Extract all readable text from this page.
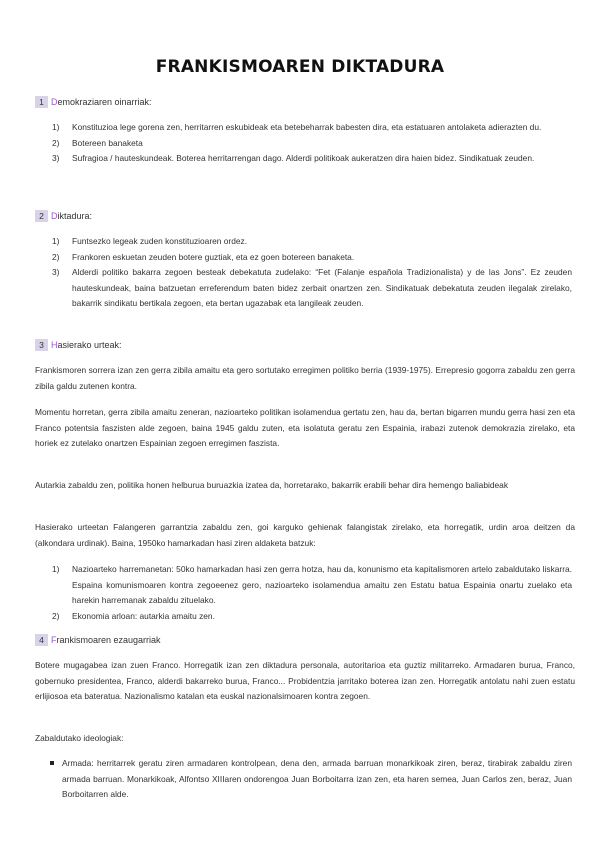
FRANKISMOAREN DIKTADURA
1 D emokraziaren oinarriak:
1)	Konstituzioa lege gorena zen, herritarren eskubideak eta betebeharrak babesten dira, eta estatuaren antolaketa adierazten du.
2)	Botereen banaketa
3)	Sufragioa / hauteskundeak. Boterea herritarrengan dago. Alderdi politikoak aukeratzen dira haien bidez. Sindikatuak zeuden.
2 D iktadura:
1)	Funtsezko legeak zuden konstituzioaren ordez.
2)	Frankoren eskuetan zeuden botere guztiak, eta ez goen botereen banaketa.
3)	Alderdi politiko bakarra zegoen besteak debekatuta zudelako: “Fet (Falanje española Tradizionalista) y de las Jons”. Ez zeuden hauteskundeak, baina batzuetan erreferendum baten bidez zerbait onartzen zen. Sindikatuak debekatuta zeuden ilegalak zirelako, bakarrik sindikatu bertikala zegoen, eta bertan ugazabak eta langileak zeuden.
3 H asierako urteak:
Frankismoren sorrera izan zen gerra zibila amaitu eta gero sortutako erregimen politiko berria (1939-1975). Errepresio gogorra zabaldu zen gerra zibila galdu zutenen kontra.
Momentu horretan, gerra zibila amaitu zeneran, nazioarteko politikan isolamendua gertatu zen, hau da, bertan bigarren mundu gerra hasi zen eta Franco potentsia faszisten alde zegoen, baina 1945 galdu zuten, eta isolatuta geratu zen Espainia, irabazi zutenok demokrazia zirelako, eta horiek ez zutelako onartzen Espainian zegoen erregimen faszista.
Autarkia zabaldu zen, politika honen helburua buruazkia izatea da, horretarako, bakarrik erabili behar dira hemengo baliabideak
Hasierako urteetan Falangeren garrantzia zabaldu zen, goi karguko gehienak falangistak zirelako, eta horregatik, urdin aroa deitzen da (alkondara urdinak). Baina, 1950ko hamarkadan hasi ziren aldaketa batzuk:
1)	Nazioarteko harremanetan: 50ko hamarkadan hasi zen gerra hotza, hau da, konunismo eta kapitalismoren artelo zabaldutako liskarra. Espaina komunismoaren kontra zegoeenez gero, nazioarteko isolamendua amaitu zen Estatu batua Espainia onartu zuelako eta harekin harremanak zabaldu zituelako.
2)	Ekonomia arloan: autarkia amaitu zen.
4 F rankismoaren ezaugarriak
Botere mugagabea izan zuen Franco. Horregatik izan zen diktadura personala, autoritarioa eta guztiz militarreko. Armadaren burua, Franco, gobernuko presidentea, Franco, alderdi bakarreko burua, Franco... Probidentzia jarritako boterea izan zen. Horregatik antolatu nahi zuen estatu erlijiosoa eta bateratua. Nazionalismo katalan eta euskal nazionalsimoaren kontra zegoen.
Zabaldutako ideologiak:
Armada: herritarrek geratu ziren armadaren kontrolpean, dena den, armada barruan monarkikoak ziren, beraz, tirabirak zabaldu ziren armada barruan. Monarkikoak, Alfontso XIIIaren ondorengoa Juan Borboitarra izan zen, eta haren semea, Juan Carlos zen, beraz, Juan Borboitarren alde.
